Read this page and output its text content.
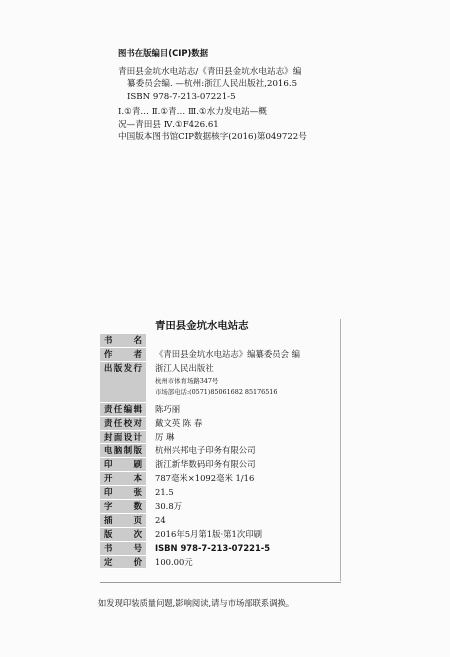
图书在版编目(CIP)数据
青田县金坑水电站志/《青田县金坑水电站志》编
纂委员会编. —杭州:浙江人民出版社,2016.5
ISBN 978-7-213-07221-5
Ⅰ.①青… Ⅱ.①青… Ⅲ.①水力发电站—概
况—青田县 Ⅳ.①F426.61
中国版本图书馆CIP数据核字(2016)第049722号
青田县金坑水电站志
书名
作者	《青田县金坑水电站志》编纂委员会 编
出版发行	浙江人民出版社
杭州市体育场路347号
市场部电话:(0571)85061682 85176516
责任编辑	陈巧丽
责任校对	戴文英 陈 春
封面设计	厉 琳
电脑制版	杭州兴邦电子印务有限公司
印刷	浙江新华数码印务有限公司
开本	787毫米×1092毫米 1/16
印张	21.5
字数	30.8万
插页	24
版次	2016年5月第1版·第1次印刷
书号	ISBN 978-7-213-07221-5
定价	100.00元
如发现印装质量问题,影响阅读,请与市场部联系调换。
